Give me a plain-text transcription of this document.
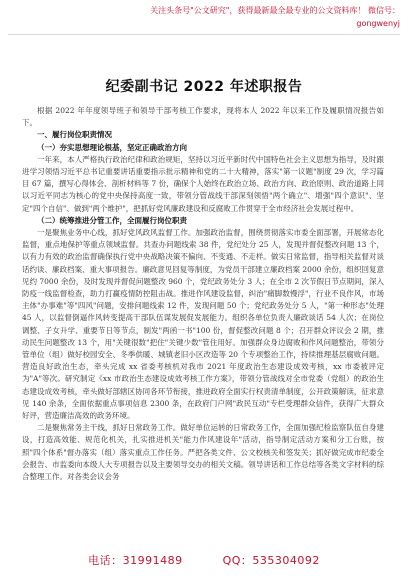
关注头条号"公文研究"，获得最新最全最专业的公文资料库！ 微信号：
gongwenyj
纪委副书记 2022 年述职报告

根据 2022 年年度领导班子和领导干部考核工作要求，现将本人 2022 年以来工作及履职情况报告如下。

一、履行岗位职责情况

（一）夯实思想理论根基，坚定正确政治方向

一年来，本人严格执行政治纪律和政治规矩，坚持以习近平新时代中国特色社会主义思想为指导，及时跟进学习领悟习近平总书记重要讲话重要指示批示精神和党的二十大精神，落实"第一议题"制度 29 次，学习篇目 67 篇，撰写心得体会、剖析材料等 7 份，确保个人始终在政治立场、政治方向、政治原则、政治道路上同以习近平同志为核心的党中央保持高度一致，带领分管战线干部深刻领悟"两个确立"、增强"四个意识"、坚定"四个自信"、做到"两个维护"，把抓好党风廉政建设和反腐败工作贯穿于全市经济社会发展过程中。

（二）统筹推进分管工作，全面履行岗位职责

一是聚焦业务中心线，抓好党风政风监督工作。加强政治监督，围绕贯彻落实市委全面部署，开展常态化监督，重点地保护等重点领域监督。共查办问题线索 38 件，党纪处分 25 人，发现并督促整改问题 13 个，以有力有效的政治监督确保执行党中央战略决策不偏向、不变通、不走样。做实日常监督，指导相关监督对谈话约谈、廉政档案、重大事项报告。廉政意见回复等制度，为党员干部建立廉政档案 2000 余份，组织回复意见约 7000 余份，及时发现并督促问题整改 960 个，党纪政务处分 3 人；在全市 2 次节假日节点期间，深入防疫一线监督检查，助力打赢疫情防控阻击战。推进作风建设监督，纠治"痛脚数慢浮"，行业不良作风，市场主体"办事难"等"四风"问题，安排问题线索 12 件，发现问题 50 个；党纪政务处分 5 人，"第一种形态"处理 45 人，以监督倒逼作风转变提高干部队伍谋发展促发展能力。组织各单位负责人廉政谈话 54 人次；在岗位调整、子女升学、重要节日等节点，制发"两函一书"100 份，督促整改问题 8 个；召开群众评议会 2 期，推动民生问题整改 13 个，用"关键很数"把住"关键少数"管住用好。加强群众身边腐败和作风问题整治，带领分管单位（组）做好校园安全、冬季供暖、城镇老旧小区改造等 20 个专项整治工作，持续推理基层腐败问题。营造良好政治生态，牵头完成 xx 省委考核机对我市 2021 年度政治生态建设成效考核，xx 市委被评定为"A"等次。研究制定《xx 市政治生态建设成效考核工作方案》，带领分管战线对全市党委（党组）的政治生态建设成效考核，牵头做好部辖区协同各环节衔接，推进政府全面实行权责清单制度，公开政策解读，征求意见 140 余条，全面依据重点事项信息 2300 条，在政府门户网"政民互动"专栏受理群众信件，获得广大群众好评，营造廉洁高效的政务环境。

二是聚焦常务主干线，抓好日常政务工作。做好单位运转的日常政务工作，全面加强纪检监察队伍自身建设，打造高效能、规范化机关，扎实推进机关"能力作风建设年"活动，指导制定活动方案和分工台账，按照"四个体系"督办落实（组）落实重点工作任务。严把各类文件、公文校核关和签发关；抓好做完成市纪委全会报告、市监委向本级人大专项报告以及主要领导交办的相关文稿。领导讲话和工作总结等各类文字材料的综合整理工作。对各类会议会务

电话：31991489	QQ：535304092
